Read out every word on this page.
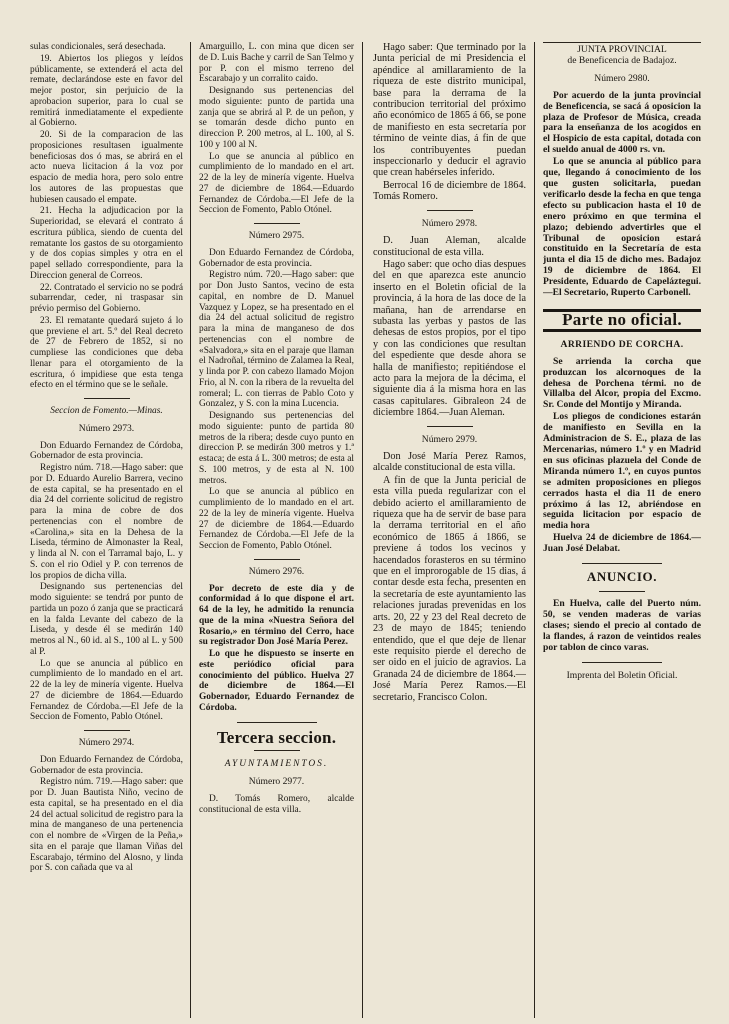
sulas condicionales, será desechada.

19. Abiertos los pliegos y leídos públicamente, se extenderá el acta del remate, declarándose este en favor del mejor postor, sin perjuicio de la aprobacion superior, para lo cual se remitirá inmediatamente el expediente al Gobierno.

20. Si de la comparacion de las proposiciones resultasen igualmente beneficiosas dos ó mas, se abrirá en el acto nueva licitacion á la voz por espacio de media hora, pero solo entre los autores de las propuestas que hubiesen causado el empate.

21. Hecha la adjudicacion por la Superioridad, se elevará el contrato á escritura pública, siendo de cuenta del rematante los gastos de su otorgamiento y de dos copias simples y otra en el papel sellado correspondiente, para la Direccion general de Correos.

22. Contratado el servicio no se podrá subarrendar, ceder, ni traspasar sin prévio permiso del Gobierno.

23. El rematante quedará sujeto á lo que previene el art. 5.º del Real decreto de 27 de Febrero de 1852, si no cumpliese las condiciones que deba llenar para el otorgamiento de la escritura, ó impidiese que esta tenga efecto en el término que se le señale.

Seccion de Fomento.—Minas.
Número 2973.

Don Eduardo Fernandez de Córdoba, Gobernador de esta provincia.

Registro núm. 718.—Hago saber: que por D. Eduardo Aurelio Barrera, vecino de esta capital, se ha presentado en el dia 24 del corriente solicitud de registro para la mina de cobre de dos pertenencias con el nombre de «Carolina,» sita en la Dehesa de la Liseda, término de Almonaster la Real, y linda al N. con el Tarramal bajo, L. y S. con el rio Odiel y P. con terrenos de los propios de dicha villa.

Designando sus pertenencias del modo siguiente: se tendrá por punto de partida un pozo ó zanja que se practicará en la falda Levante del cabezo de la Liseda, y desde él se medirán 140 metros al N., 60 id. al S., 100 al L. y 500 al P.

Lo que se anuncia al público en cumplimiento de lo mandado en el art. 22 de la ley de minería vigente. Huelva 27 de diciembre de 1864.—Eduardo Fernandez de Córdoba.—El Jefe de la Seccion de Fomento, Pablo Otónel.

Número 2974.

Don Eduardo Fernandez de Córdoba, Gobernador de esta provincia.

Registro núm. 719.—Hago saber: que por D. Juan Bautista Niño, vecino de esta capital, se ha presentado en el dia 24 del actual solicitud de registro para la mina de manganeso de una pertenencia con el nombre de «Virgen de la Peña,» sita en el paraje que llaman Viñas del Escarabajo, término del Alosno, y linda por S. con cañada que va al

Amarguillo, L. con mina que dicen ser de D. Luis Bache y carril de San Telmo y por P. con el mismo terreno del Escarabajo y un corralito caido.

Designando sus pertenencias del modo siguiente: punto de partida una zanja que se abrirá al P. de un peñon, y se tomarán desde dicho punto en direccion P. 200 metros, al L. 100, al S. 100 y 100 al N.

Lo que se anuncia al público en cumplimiento de lo mandado en el art. 22 de la ley de minería vigente. Huelva 27 de diciembre de 1864.—Eduardo Fernandez de Córdoba.—El Jefe de la Seccion de Fomento, Pablo Otónel.

Número 2975.

Don Eduardo Fernandez de Córdoba, Gobernador de esta provincia.

Registro núm. 720.—Hago saber: que por Don Justo Santos, vecino de esta capital, en nombre de D. Manuel Vazquez y Lopez, se ha presentado en el dia 24 del actual solicitud de registro para la mina de manganeso de dos pertenencias con el nombre de «Salvadora,» sita en el paraje que llaman el Nadroñal, término de Zalamea la Real, y linda por P. con cabezo llamado Mojon Frio, al N. con la ribera de la revuelta del romeral; L. con tierras de Pablo Coto y Gonzalez, y S. con la mina Lucencia.

Designando sus pertenencias del modo siguiente: punto de partida 80 metros de la ribera; desde cuyo punto en direccion P. se medirán 300 metros y 1.ª estaca; de esta á L. 300 metros; de esta al S. 100 metros, y de esta al N. 100 metros.

Lo que se anuncia al público en cumplimiento de lo mandado en el art. 22 de la ley de minería vigente. Huelva 27 de diciembre de 1864.—Eduardo Fernandez de Córdoba.—El Jefe de la Seccion de Fomento, Pablo Otónel.

Número 2976.

Por decreto de este dia y de conformidad á lo que dispone el art. 64 de la ley, he admitido la renuncia que de la mina «Nuestra Señora del Rosario,» en término del Cerro, hace su registrador Don José María Perez.

Lo que he dispuesto se inserte en este periódico oficial para conocimiento del público. Huelva 27 de diciembre de 1864.—El Gobernador, Eduardo Fernandez de Córdoba.

Tercera seccion.
AYUNTAMIENTOS.
Número 2977.

D. Tomás Romero, alcalde constitucional de esta villa.

Hago saber: Que terminado por la Junta pericial de mi Presidencia el apéndice al amillaramiento de la riqueza de este distrito municipal, base para la derrama de la contribucion territorial del próximo año económico de 1865 á 66, se pone de manifiesto en esta secretaría por término de veinte dias, á fin de que los contribuyentes puedan inspeccionarlo y deducir el agravio que crean habérseles inferido.

Berrocal 16 de diciembre de 1864. Tomás Romero.

Número 2978.

D. Juan Aleman, alcalde constitucional de esta villa.

Hago saber: que ocho dias despues del en que aparezca este anuncio inserto en el Boletin oficial de la provincia, á la hora de las doce de la mañana, han de arrendarse en subasta las yerbas y pastos de las dehesas de estos propios, por el tipo y con las condiciones que resultan del espediente que desde ahora se halla de manifiesto; repitiéndose el acto para la mejora de la décima, el siguiente dia á la misma hora en las casas capitulares. Gibraleon 24 de diciembre 1864.—Juan Aleman.

Número 2979.

Don José María Perez Ramos, alcalde constitucional de esta villa.

A fin de que la Junta pericial de esta villa pueda regularizar con el debido acierto el amillaramiento de riqueza que ha de servir de base para la derrama territorial en el año económico de 1865 á 1866, se previene á todos los vecinos y hacendados forasteros en su término que en el improrogable de 15 dias, á contar desde esta fecha, presenten en la secretaría de este ayuntamiento las relaciones juradas prevenidas en los arts. 20, 22 y 23 del Real decreto de 23 de mayo de 1845; teniendo entendido, que el que deje de llenar este requisito pierde el derecho de ser oido en el juicio de agravios. La Granada 24 de diciembre de 1864.—José María Perez Ramos.—El secretario, Francisco Colon.

JUNTA PROVINCIAL
de Beneficencia de Badajoz.
Número 2980.

Por acuerdo de la junta provincial de Beneficencia, se sacá á oposicion la plaza de Profesor de Música, creada para la enseñanza de los acogidos en el Hospicio de esta capital, dotada con el sueldo anual de 4000 rs. vn.

Lo que se anuncia al público para que, llegando á conocimiento de los que gusten solicitarla, puedan verificarlo desde la fecha en que tenga efecto su publicacion hasta el 10 de enero próximo en que termina el plazo; debiendo advertirles que el Tribunal de oposicion estará constituido en la Secretaría de esta junta el dia 15 de dicho mes. Badajoz 19 de diciembre de 1864. El Presidente, Eduardo de Capeláztegui.—El Secretario, Ruperto Carbonell.

Parte no oficial.
ARRIENDO DE CORCHA.

Se arrienda la corcha que produzcan los alcornoques de la dehesa de Porchena térmi. no de Villalba del Alcor, propia del Excmo. Sr. Conde del Montijo y Miranda.

Los pliegos de condiciones estarán de manifiesto en Sevilla en la Administracion de S. E., plaza de las Mercenarias, número 1.º y en Madrid en sus oficinas plazuela del Conde de Miranda número 1.º, en cuyos puntos se admiten proposiciones en pliegos cerrados hasta el dia 11 de enero próximo á las 12, abriéndose en seguida licitacion por espacio de media hora

Huelva 24 de diciembre de 1864.—Juan José Delabat.

ANUNCIO.

En Huelva, calle del Puerto núm. 50, se venden maderas de varias clases; siendo el precio al contado de la flandes, á razon de veintidos reales por tablon de cinco varas.

Imprenta del Boletin Oficial.
